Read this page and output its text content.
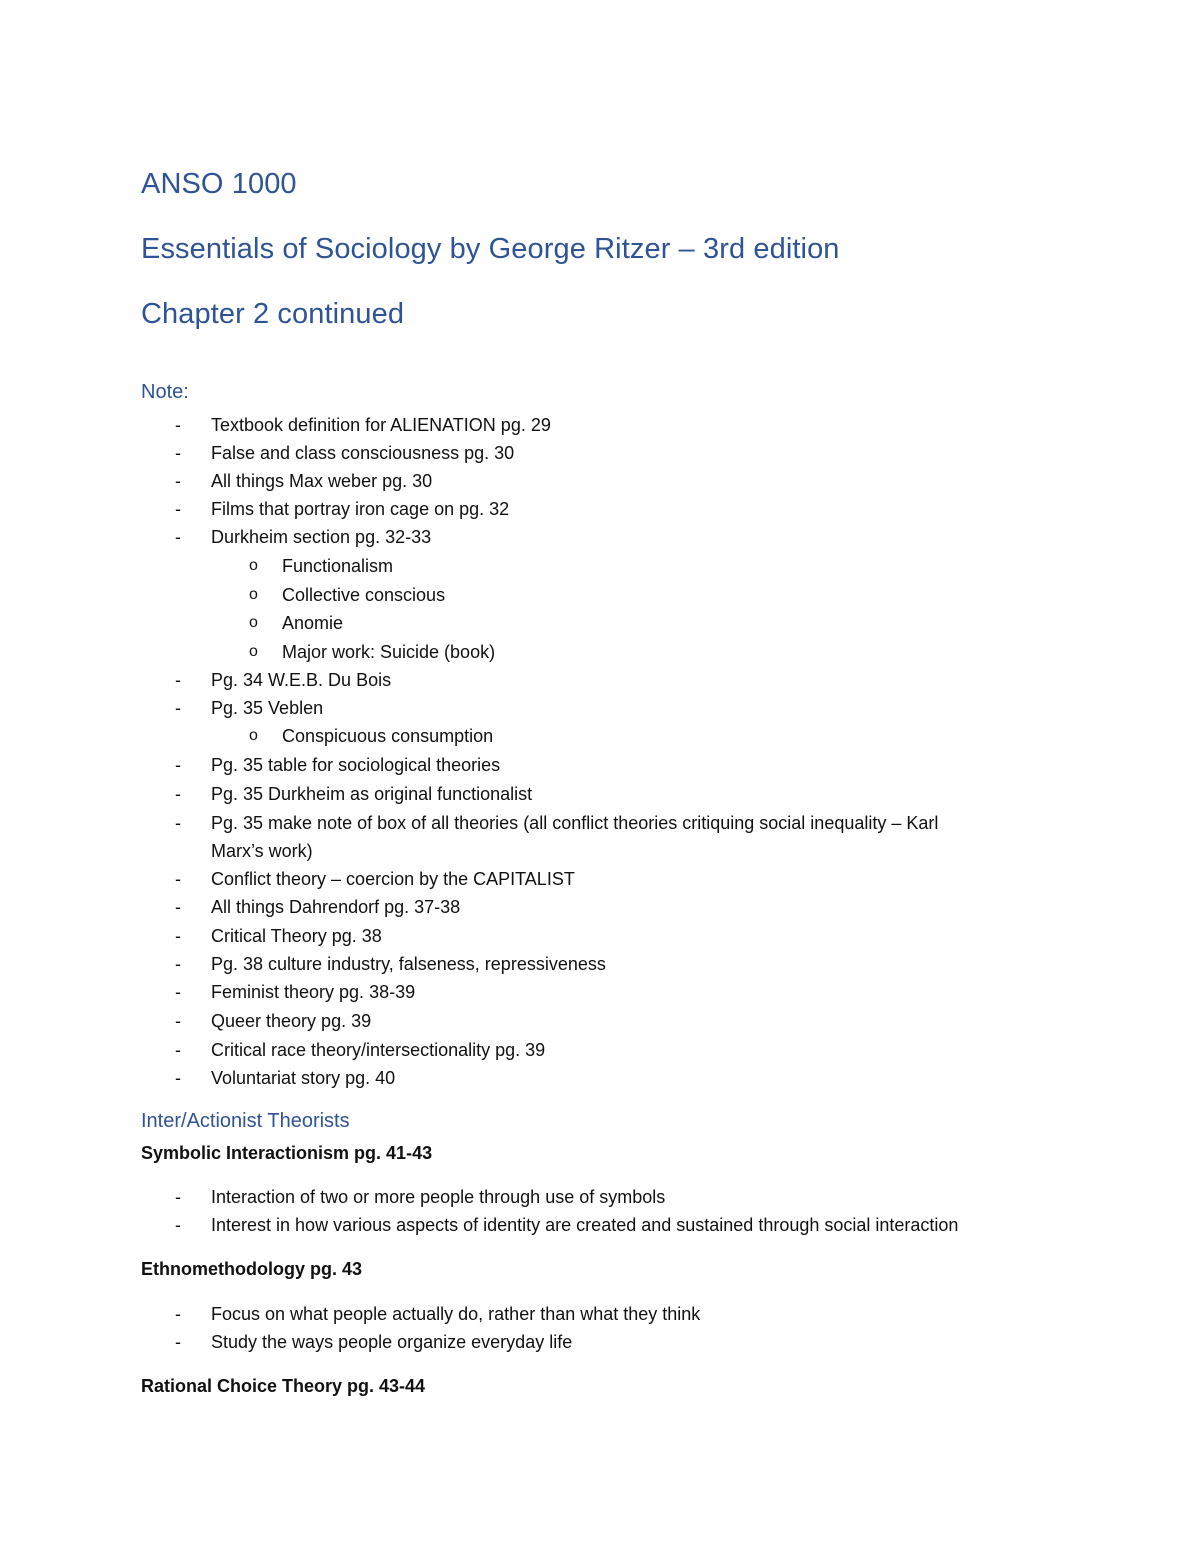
ANSO 1000
Essentials of Sociology by George Ritzer – 3rd edition
Chapter 2 continued
Note:
-	Textbook definition for ALIENATION pg. 29
-	False and class consciousness pg. 30
-	All things Max weber pg. 30
-	Films that portray iron cage on pg. 32
-	Durkheim section pg. 32-33
o	Functionalism
o	Collective conscious
o	Anomie
o	Major work: Suicide (book)
-	Pg. 34 W.E.B. Du Bois
-	Pg. 35 Veblen
o	Conspicuous consumption
-	Pg. 35 table for sociological theories
-	Pg. 35 Durkheim as original functionalist
-	Pg. 35 make note of box of all theories (all conflict theories critiquing social inequality – Karl
Marx’s work)
-	Conflict theory – coercion by the CAPITALIST
-	All things Dahrendorf pg. 37-38
-	Critical Theory pg. 38
-	Pg. 38 culture industry, falseness, repressiveness
-	Feminist theory pg. 38-39
-	Queer theory pg. 39
-	Critical race theory/intersectionality pg. 39
-	Voluntariat story pg. 40
Inter/Actionist Theorists
Symbolic Interactionism pg. 41-43
-	Interaction of two or more people through use of symbols
-	Interest in how various aspects of identity are created and sustained through social interaction
Ethnomethodology pg. 43
-	Focus on what people actually do, rather than what they think
-	Study the ways people organize everyday life
Rational Choice Theory pg. 43-44
